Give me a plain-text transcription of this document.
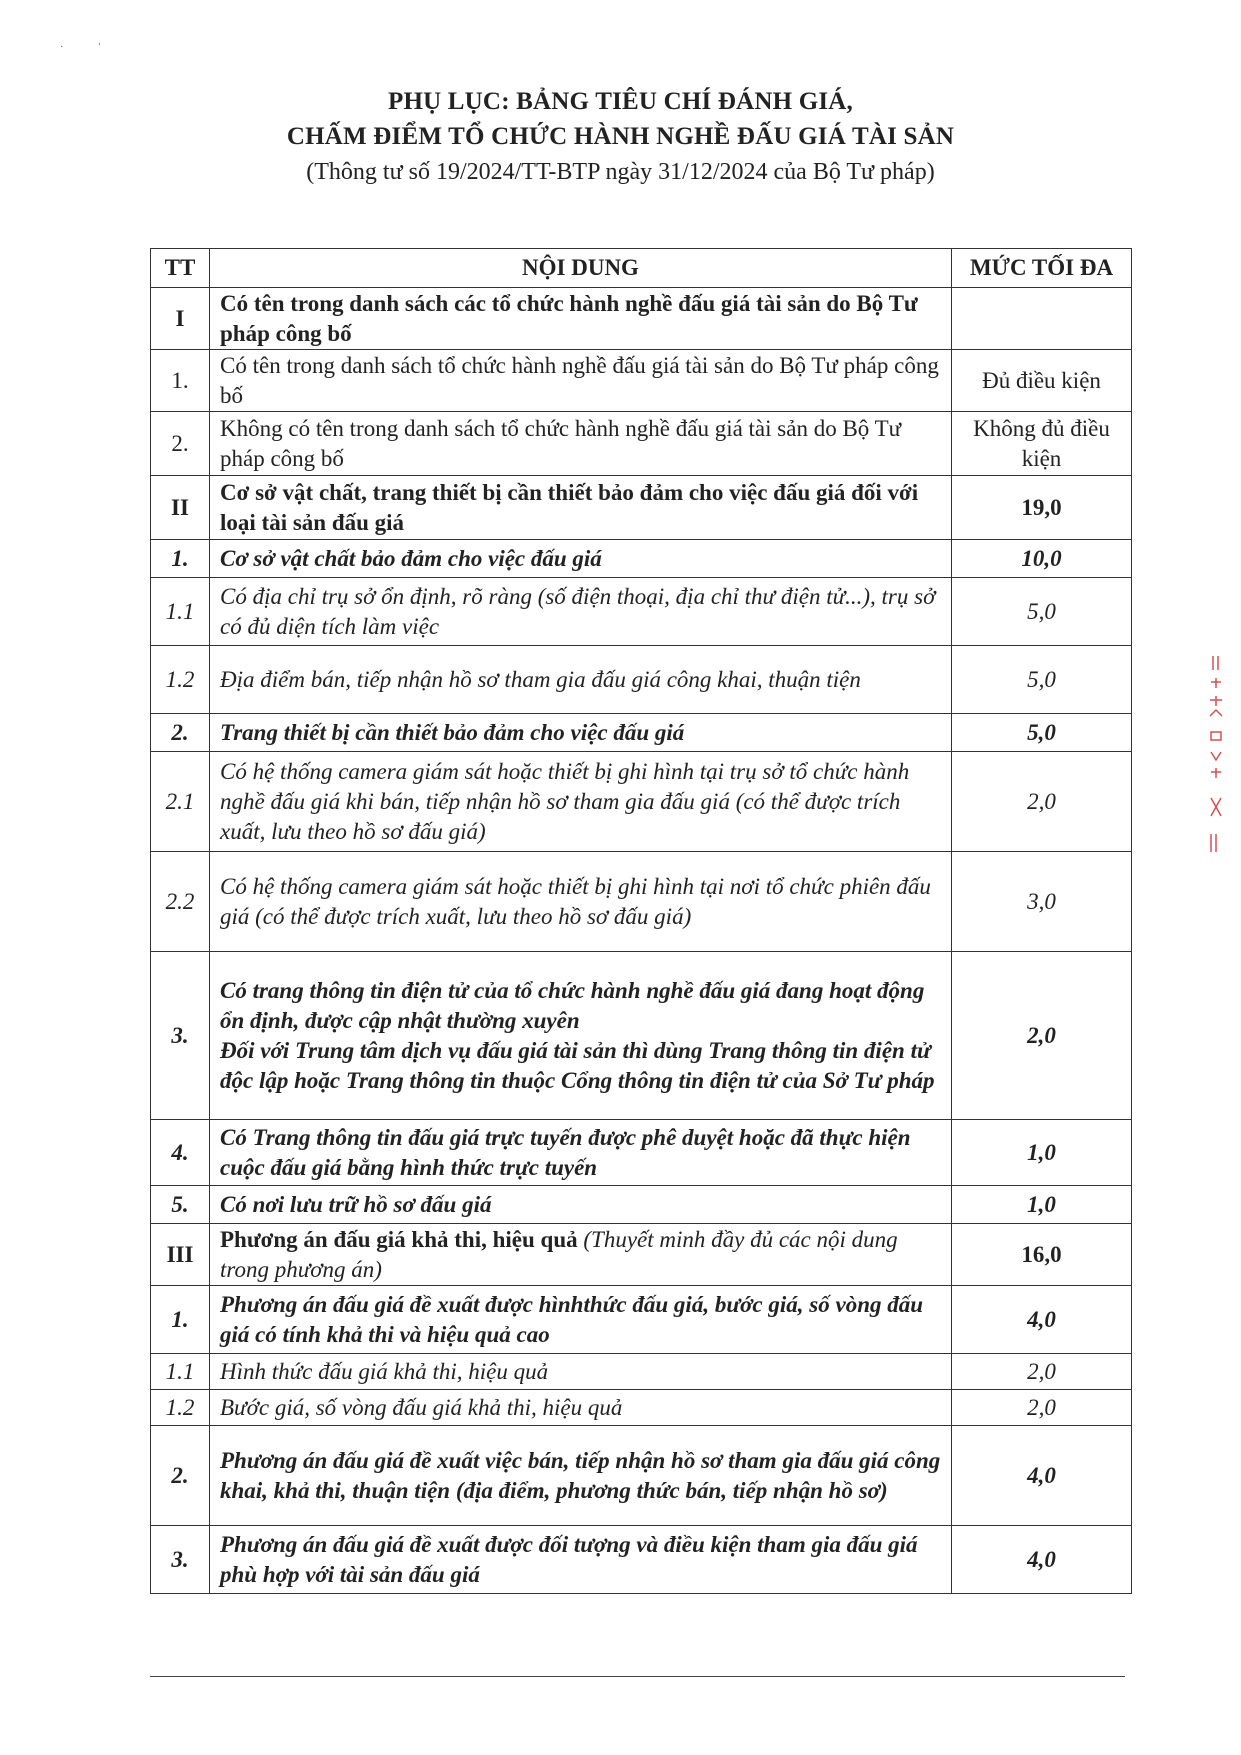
·              '
PHỤ LỤC: BẢNG TIÊU CHÍ ĐÁNH GIÁ,
CHẤM ĐIỂM TỔ CHỨC HÀNH NGHỀ ĐẤU GIÁ TÀI SẢN
(Thông tư số 19/2024/TT-BTP ngày 31/12/2024 của Bộ Tư pháp)
TT	NỘI DUNG	MỨC TỐI ĐA
I	Có tên trong danh sách các tổ chức hành nghề đấu giá tài sản do Bộ Tư pháp công bố	
1.	Có tên trong danh sách tổ chức hành nghề đấu giá tài sản do Bộ Tư pháp công bố	Đủ điều kiện
2.	Không có tên trong danh sách tổ chức hành nghề đấu giá tài sản do Bộ Tư pháp công bố	Không đủ điều kiện
II	Cơ sở vật chất, trang thiết bị cần thiết bảo đảm cho việc đấu giá đối với loại tài sản đấu giá	19,0
1.	Cơ sở vật chất bảo đảm cho việc đấu giá	10,0
1.1	Có địa chỉ trụ sở ổn định, rõ ràng (số điện thoại, địa chỉ thư điện tử...), trụ sở có đủ diện tích làm việc	5,0
1.2	Địa điểm bán, tiếp nhận hồ sơ tham gia đấu giá công khai, thuận tiện	5,0
2.	Trang thiết bị cần thiết bảo đảm cho việc đấu giá	5,0
2.1	Có hệ thống camera giám sát hoặc thiết bị ghi hình tại trụ sở tổ chức hành nghề đấu giá khi bán, tiếp nhận hồ sơ tham gia đấu giá (có thể được trích xuất, lưu theo hồ sơ đấu giá)	2,0
2.2	Có hệ thống camera giám sát hoặc thiết bị ghi hình tại nơi tổ chức phiên đấu giá (có thể được trích xuất, lưu theo hồ sơ đấu giá)	3,0
3.	Có trang thông tin điện tử của tổ chức hành nghề đấu giá đang hoạt động ổn định, được cập nhật thường xuyên
Đối với Trung tâm dịch vụ đấu giá tài sản thì dùng Trang thông tin điện tử độc lập hoặc Trang thông tin thuộc Cổng thông tin điện tử của Sở Tư pháp	2,0
4.	Có Trang thông tin đấu giá trực tuyến được phê duyệt hoặc đã thực hiện cuộc đấu giá bằng hình thức trực tuyến	1,0
5.	Có nơi lưu trữ hồ sơ đấu giá	1,0
III	Phương án đấu giá khả thi, hiệu quả (Thuyết minh đầy đủ các nội dung trong phương án)	16,0
1.	Phương án đấu giá đề xuất được hìnhthức đấu giá, bước giá, số vòng đấu giá có tính khả thi và hiệu quả cao	4,0
1.1	Hình thức đấu giá khả thi, hiệu quả	2,0
1.2	Bước giá, số vòng đấu giá khả thi, hiệu quả	2,0
2.	Phương án đấu giá đề xuất việc bán, tiếp nhận hồ sơ tham gia đấu giá công khai, khả thi, thuận tiện (địa điểm, phương thức bán, tiếp nhận hồ sơ)	4,0
3.	Phương án đấu giá đề xuất được đối tượng và điều kiện tham gia đấu giá phù hợp với tài sản đấu giá	4,0
